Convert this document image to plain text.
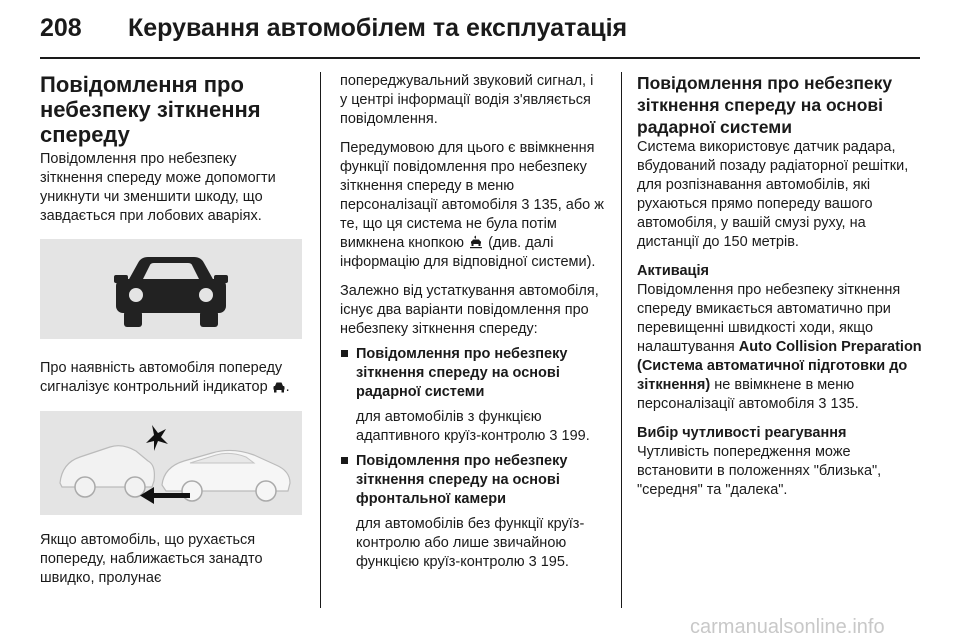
208 Керування автомобілем та експлуатація
Повідомлення про небезпеку зіткнення спереду

Повідомлення про небезпеку зіткнення спереду може допомогти уникнути чи зменшити шкоду, що завдається при лобових аваріях.

Про наявність автомобіля попереду сигналізує контрольний індикатор .

Якщо автомобіль, що рухається попереду, наближається занадто швидко, пролунає

попереджувальний звуковий сигнал, і у центрі інформації водія з'являється повідомлення.

Передумовою для цього є ввімкнення функції повідомлення про небезпеку зіткнення спереду в меню персоналізації автомобіля 3 135, або ж те, що ця система не була потім вимкнена кнопкою (див. далі інформацію для відповідної системи).

Залежно від устаткування автомобіля, існує два варіанти повідомлення про небезпеку зіткнення спереду:

Повідомлення про небезпеку зіткнення спереду на основі радарної системи

для автомобілів з функцією адаптивного круїз-контролю 3 199.

Повідомлення про небезпеку зіткнення спереду на основі фронтальної камери

для автомобілів без функції круїз-контролю або лише звичайною функцією круїз-контролю 3 195.

Повідомлення про небезпеку зіткнення спереду на основі радарної системи

Система використовує датчик радара, вбудований позаду радіаторної решітки, для розпізнавання автомобілів, які рухаються прямо попереду вашого автомобіля, у вашій смузі руху, на дистанції до 150 метрів.

Активація

Повідомлення про небезпеку зіткнення спереду вмикається автоматично при перевищенні швидкості ходи, якщо налаштування Auto Collision Preparation (Система автоматичної підготовки до зіткнення) не ввімкнене в меню персоналізації автомобіля 3 135.

Вибір чутливості реагування

Чутливість попередження може встановити в положеннях "близька", "середня" та "далека".

carmanualsonline.info
